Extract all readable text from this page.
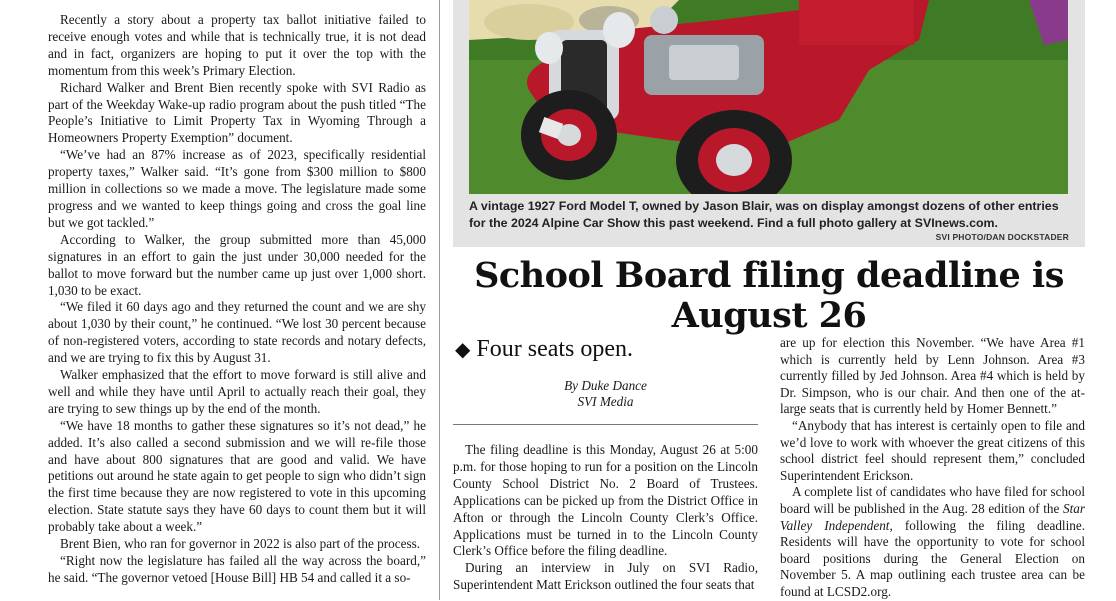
Recently a story about a property tax ballot initiative failed to receive enough votes and while that is technically true, it is not dead and in fact, organizers are hoping to put it over the top with the momentum from this week’s Primary Election.

Richard Walker and Brent Bien recently spoke with SVI Radio as part of the Weekday Wake-up radio program about the push titled “The People’s Initiative to Limit Property Tax in Wyoming Through a Homeowners Property Exemption” document.

“We’ve had an 87% increase as of 2023, specifically residential property taxes,” Walker said. “It’s gone from $300 million to $800 million in collections so we made a move. The legislature made some progress and we wanted to keep things going and cross the goal line but we got tackled.”

According to Walker, the group submitted more than 45,000 signatures in an effort to gain the just under 30,000 needed for the ballot to move forward but the number came up just over 1,000 short. 1,030 to be exact.

“We filed it 60 days ago and they returned the count and we are shy about 1,030 by their count,” he continued. “We lost 30 percent because of non-registered voters, according to state records and notary defects, and we are trying to fix this by August 31.

Walker emphasized that the effort to move forward is still alive and well and while they have until April to actually reach their goal, they are trying to sew things up by the end of the month.

“We have 18 months to gather these signatures so it’s not dead,” he added. It’s also called a second submission and we will re-file those and have about 800 signatures that are good and valid. We have petitions out around he state again to get people to sign who didn’t sign the first time because they are now registered to vote in this upcoming election. State statute says they have 60 days to count them but it will probably take about a week.”

Brent Bien, who ran for governor in 2022 is also part of the process.

“Right now the legislature has failed all the way across the board,” he said. “The governor vetoed [House Bill] HB 54 and called it a so-

A vintage 1927 Ford Model T, owned by Jason Blair, was on display amongst dozens of other entries for the 2024 Alpine Car Show this past weekend. Find a full photo gallery at SVInews.com.
SVI PHOTO/DAN DOCKSTADER
School Board filing deadline is August 26
◆ Four seats open.
By Duke Dance
SVI Media

The filing deadline is this Monday, August 26 at 5:00 p.m. for those hoping to run for a position on the Lincoln County School District No. 2 Board of Trustees. Applications can be picked up from the District Office in Afton or through the Lincoln County Clerk’s Office. Applications must be turned in to the Lincoln County Clerk’s Office before the filing deadline.

During an interview in July on SVI Radio, Superintendent Matt Erickson outlined the four seats that

are up for election this November. “We have Area #1 which is currently held by Lenn Johnson. Area #3 currently filled by Jed Johnson. Area #4 which is held by Dr. Simpson, who is our chair. And then one of the at-large seats that is currently held by Homer Bennett.”

“Anybody that has interest is certainly open to file and we’d love to work with whoever the great citizens of this school district feel should represent them,” concluded Superintendent Erickson.

A complete list of candidates who have filed for school board will be published in the Aug. 28 edition of the Star Valley Independent, following the filing deadline. Residents will have the opportunity to vote for school board positions during the General Election on November 5. A map outlining each trustee area can be found at LCSD2.org.
